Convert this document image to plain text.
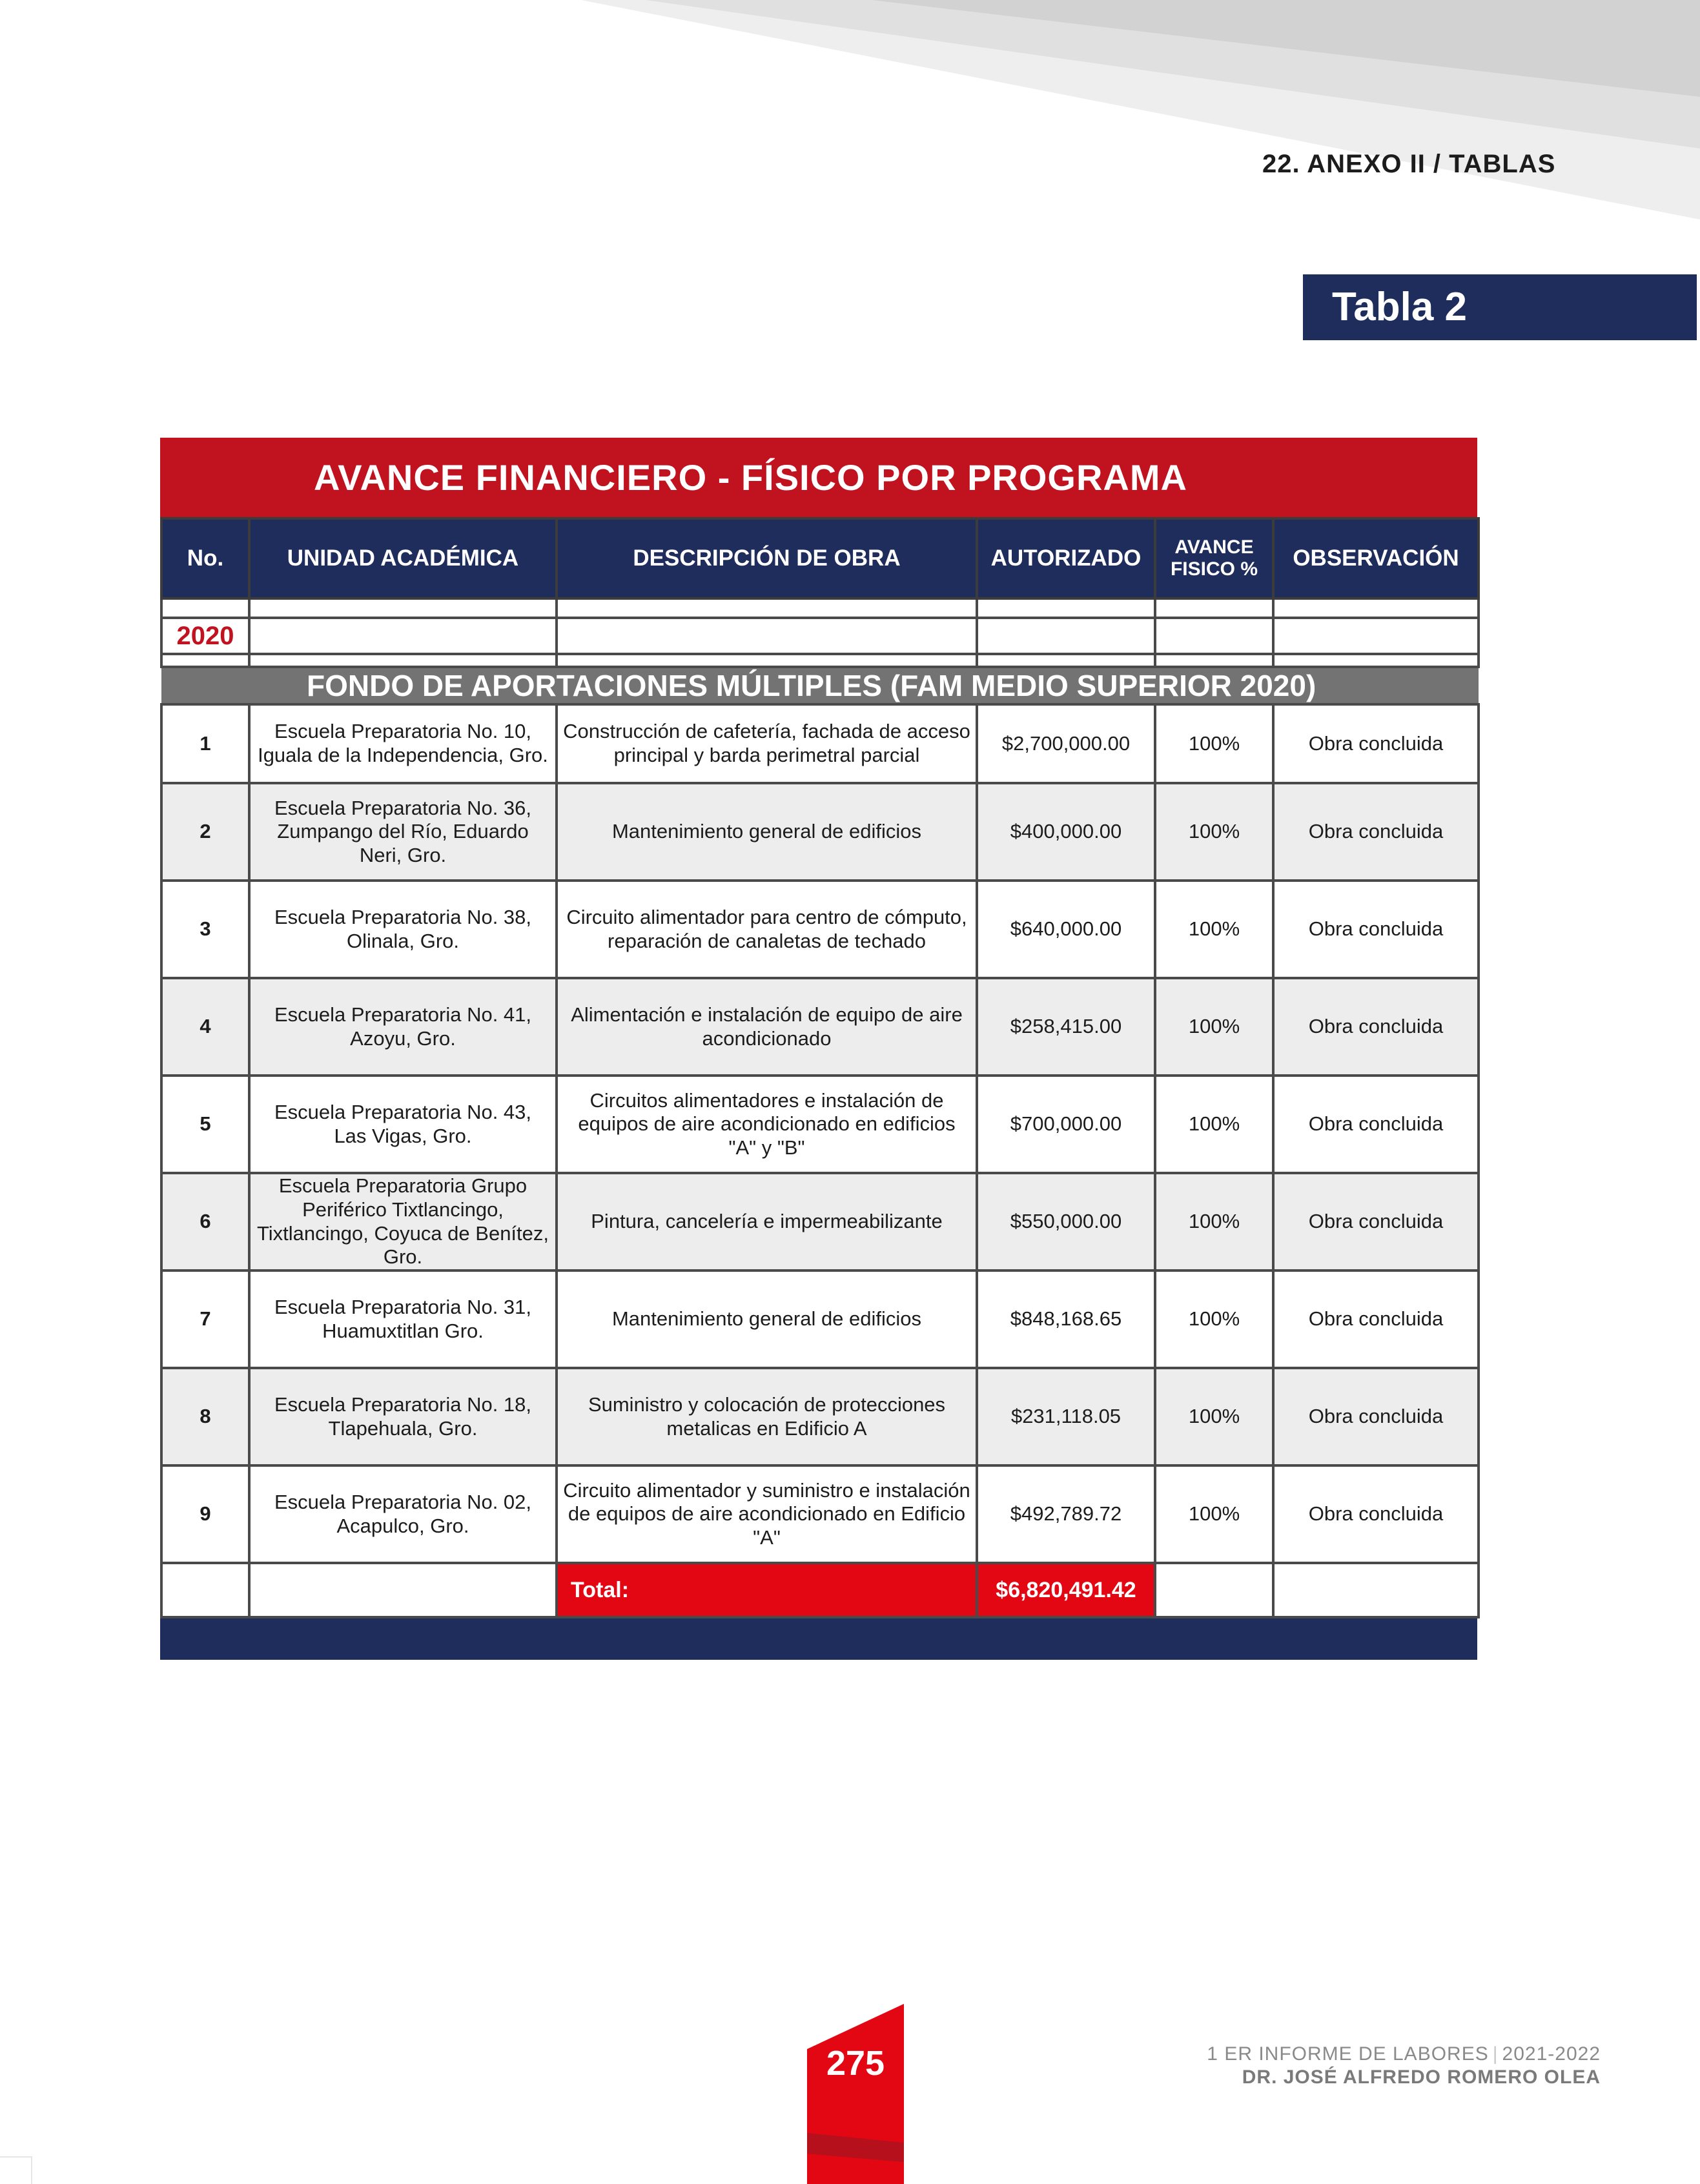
22. ANEXO II / TABLAS
Tabla 2
AVANCE FINANCIERO - FÍSICO POR PROGRAMA
No.	UNIDAD ACADÉMICA	DESCRIPCIÓN DE OBRA	AUTORIZADO	AVANCE FISICO %	OBSERVACIÓN

2020					

FONDO DE APORTACIONES MÚLTIPLES (FAM MEDIO SUPERIOR 2020)					
1	Escuela Preparatoria No. 10, Iguala de la Independencia, Gro.	Construcción de cafetería, fachada de acceso principal y barda perimetral parcial	$2,700,000.00	100%	Obra concluida
2	Escuela Preparatoria No. 36, Zumpango del Río, Eduardo Neri, Gro.	Mantenimiento general de edificios	$400,000.00	100%	Obra concluida
3	Escuela Preparatoria No. 38, Olinala, Gro.	Circuito alimentador para centro de cómputo, reparación de canaletas de techado	$640,000.00	100%	Obra concluida
4	Escuela Preparatoria No. 41, Azoyu, Gro.	Alimentación e instalación de equipo de aire acondicionado	$258,415.00	100%	Obra concluida
5	Escuela Preparatoria No. 43, Las Vigas, Gro.	Circuitos alimentadores e instalación de equipos de aire acondicionado en edificios "A" y "B"	$700,000.00	100%	Obra concluida
6	Escuela Preparatoria Grupo Periférico Tixtlancingo, Tixtlancingo, Coyuca de Benítez, Gro.	Pintura, cancelería e impermeabilizante	$550,000.00	100%	Obra concluida
7	Escuela Preparatoria No. 31, Huamuxtitlan Gro.	Mantenimiento general de edificios	$848,168.65	100%	Obra concluida
8	Escuela Preparatoria No. 18, Tlapehuala, Gro.	Suministro y colocación de protecciones metalicas en Edificio A	$231,118.05	100%	Obra concluida
9	Escuela Preparatoria No. 02, Acapulco, Gro.	Circuito alimentador y suministro e instalación de equipos de aire acondicionado en Edificio "A"	$492,789.72	100%	Obra concluida
		Total:	$6,820,491.42		
275	1 ER INFORME DE LABORES | 2021-2022
DR. JOSÉ ALFREDO ROMERO OLEA
